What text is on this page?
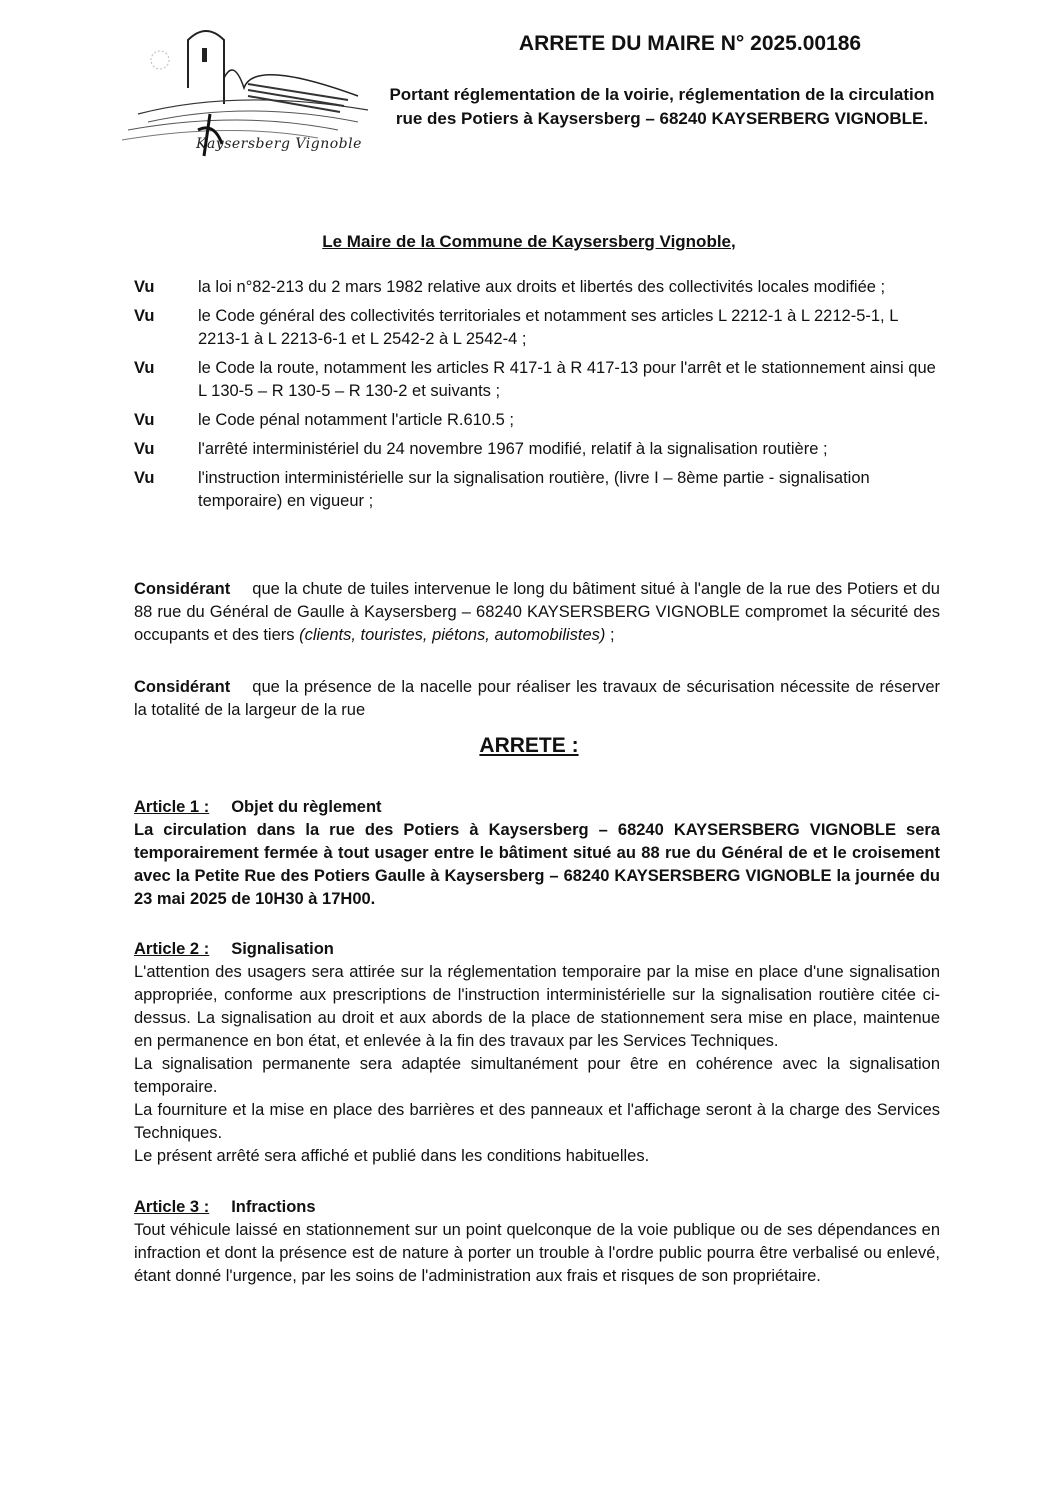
Kaysersberg Vignoble
ARRETE DU MAIRE N° 2025.00186
Portant réglementation de la voirie, réglementation de la circulation rue des Potiers à Kaysersberg – 68240 KAYSERBERG VIGNOBLE.
Le Maire de la Commune de Kaysersberg Vignoble,
Vu	la loi n°82-213 du 2 mars 1982 relative aux droits et libertés des collectivités locales modifiée ;
Vu	le Code général des collectivités territoriales et notamment ses articles L 2212-1 à L 2212-5-1, L 2213-1 à L 2213-6-1 et L 2542-2 à L 2542-4 ;
Vu	le Code la route, notamment les articles R 417-1 à R 417-13 pour l'arrêt et le stationnement ainsi que L 130-5 – R 130-5 – R 130-2 et suivants ;
Vu	le Code pénal notamment l'article R.610.5 ;
Vu	l'arrêté interministériel du 24 novembre 1967 modifié, relatif à la signalisation routière ;
Vu	l'instruction interministérielle sur la signalisation routière, (livre I – 8ème partie - signalisation temporaire) en vigueur ;
Considérant que la chute de tuiles intervenue le long du bâtiment situé à l'angle de la rue des Potiers et du 88 rue du Général de Gaulle à Kaysersberg – 68240 KAYSERSBERG VIGNOBLE compromet la sécurité des occupants et des tiers (clients, touristes, piétons, automobilistes) ;
Considérant que la présence de la nacelle pour réaliser les travaux de sécurisation nécessite de réserver la totalité de la largeur de la rue
ARRETE :
Article 1 : Objet du règlement

La circulation dans la rue des Potiers à Kaysersberg – 68240 KAYSERSBERG VIGNOBLE sera temporairement fermée à tout usager entre le bâtiment situé au 88 rue du Général de et le croisement avec la Petite Rue des Potiers Gaulle à Kaysersberg – 68240 KAYSERSBERG VIGNOBLE la journée du 23 mai 2025 de 10H30 à 17H00.

Article 2 : Signalisation

L'attention des usagers sera attirée sur la réglementation temporaire par la mise en place d'une signalisation appropriée, conforme aux prescriptions de l'instruction interministérielle sur la signalisation routière citée ci-dessus. La signalisation au droit et aux abords de la place de stationnement sera mise en place, maintenue en permanence en bon état, et enlevée à la fin des travaux par les Services Techniques.

La signalisation permanente sera adaptée simultanément pour être en cohérence avec la signalisation temporaire.

La fourniture et la mise en place des barrières et des panneaux et l'affichage seront à la charge des Services Techniques.

Le présent arrêté sera affiché et publié dans les conditions habituelles.

Article 3 : Infractions

Tout véhicule laissé en stationnement sur un point quelconque de la voie publique ou de ses dépendances en infraction et dont la présence est de nature à porter un trouble à l'ordre public pourra être verbalisé ou enlevé, étant donné l'urgence, par les soins de l'administration aux frais et risques de son propriétaire.
